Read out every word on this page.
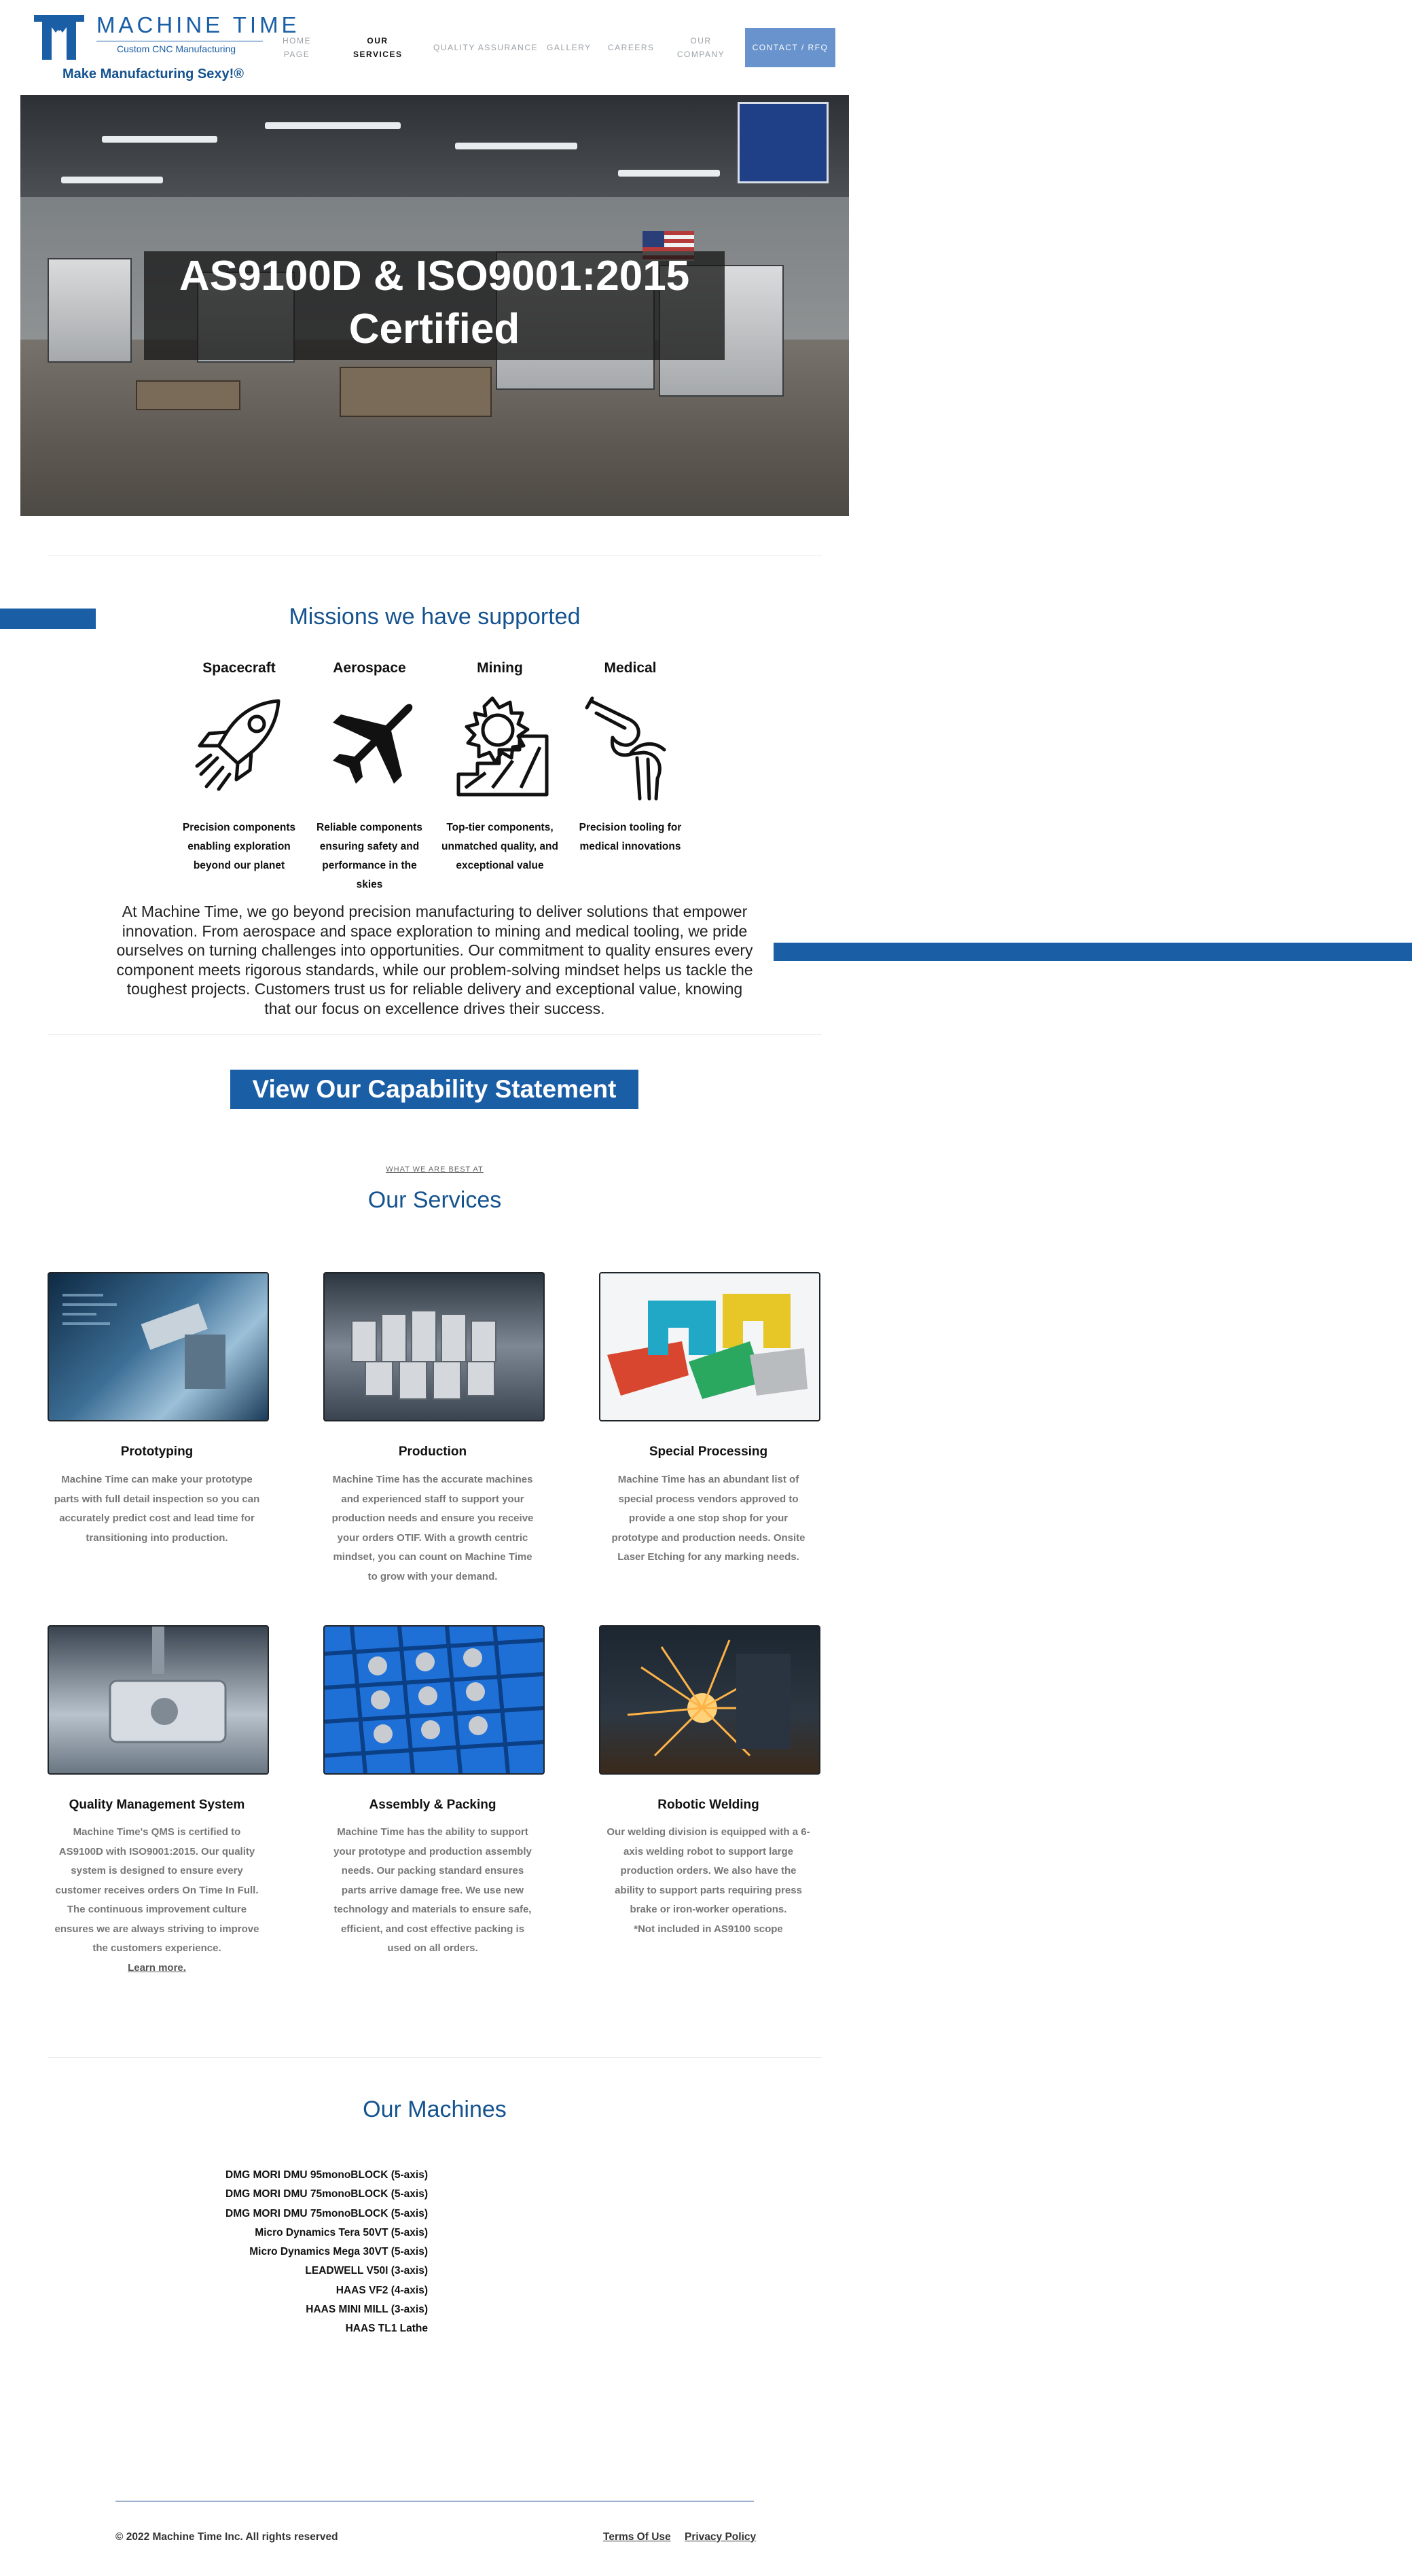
MACHINE TIME
Custom CNC Manufacturing
Make Manufacturing Sexy!®
HOME PAGE
OUR SERVICES
QUALITY ASSURANCE GALLERY CAREERS
OUR COMPANY
CONTACT / RFQ
AS9100D & ISO9001:2015
Certified
Missions we have supported
Spacecraft	Aerospace	Mining	Medical
Precision components enabling exploration beyond our planet
Reliable components ensuring safety and performance in the skies
Top-tier components, unmatched quality, and exceptional value
Precision tooling for medical innovations
At Machine Time, we go beyond precision manufacturing to deliver solutions that empower innovation. From aerospace and space exploration to mining and medical tooling, we pride ourselves on turning challenges into opportunities. Our commitment to quality ensures every component meets rigorous standards, while our problem-solving mindset helps us tackle the toughest projects. Customers trust us for reliable delivery and exceptional value, knowing that our focus on excellence drives their success.
View Our Capability Statement
WHAT WE ARE BEST AT
Our Services
Prototyping	Production	Special Processing
Machine Time can make your prototype parts with full detail inspection so you can accurately predict cost and lead time for transitioning into production.
Machine Time has the accurate machines and experienced staff to support your production needs and ensure you receive your orders OTIF. With a growth centric mindset, you can count on Machine Time to grow with your demand.
Machine Time has an abundant list of special process vendors approved to provide a one stop shop for your prototype and production needs. Onsite Laser Etching for any marking needs.
Quality Management System	Assembly & Packing	Robotic Welding
Machine Time's QMS is certified to AS9100D with ISO9001:2015. Our quality system is designed to ensure every customer receives orders On Time In Full. The continuous improvement culture ensures we are always striving to improve the customers experience.
Learn more.
Machine Time has the ability to support your prototype and production assembly needs. Our packing standard ensures parts arrive damage free. We use new technology and materials to ensure safe, efficient, and cost effective packing is used on all orders.
Our welding division is equipped with a 6-axis welding robot to support large production orders. We also have the ability to support parts requiring press brake or iron-worker operations.
*Not included in AS9100 scope
Our Machines
DMG MORI DMU 95monoBLOCK (5-axis)
DMG MORI DMU 75monoBLOCK (5-axis)
DMG MORI DMU 75monoBLOCK (5-axis)
Micro Dynamics Tera 50VT (5-axis)
Micro Dynamics Mega 30VT (5-axis)
LEADWELL V50I (3-axis)
HAAS VF2 (4-axis)
HAAS MINI MILL (3-axis)
HAAS TL1 Lathe
© 2022 Machine Time Inc. All rights reserved	Terms Of Use Privacy Policy
